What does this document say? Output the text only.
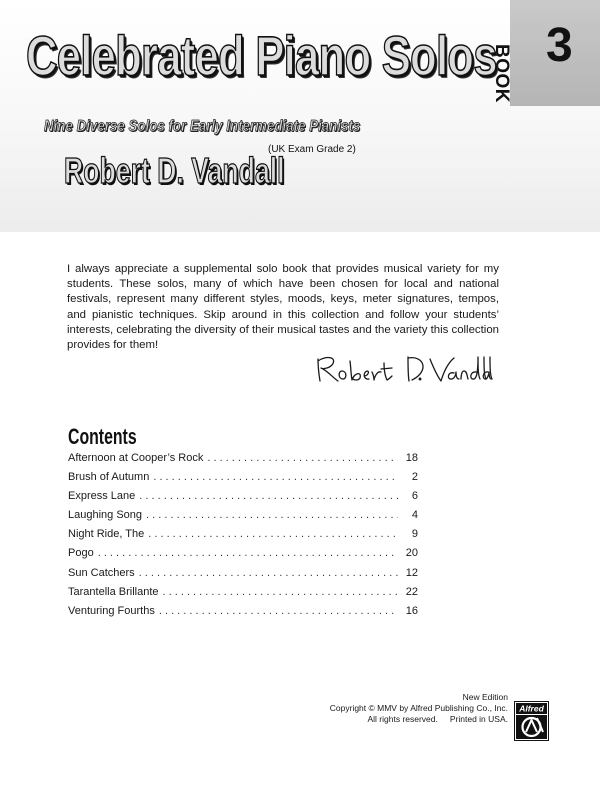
BOOK 3
Celebrated Piano Solos
Nine Diverse Solos for Early Intermediate Pianists
(UK Exam Grade 2)
Robert D. Vandall

I always appreciate a supplemental solo book that provides musical variety for my students. These solos, many of which have been chosen for local and national festivals, represent many different styles, moods, keys, meter signatures, tempos, and pianistic techniques. Skip around in this collection and follow your students’ interests, celebrating the diversity of their musical tastes and the variety this collection provides for them!

Contents
Afternoon at Cooper’s Rock . . .	18
Brush of Autumn . . .	2
Express Lane . . .	6
Laughing Song . . .	4
Night Ride, The . . .	9
Pogo . . .	20
Sun Catchers . . .	12
Tarantella Brillante . . .	22
Venturing Fourths . . .	16
New Edition
Copyright © MMV by Alfred Publishing Co., Inc.
All rights reserved. Printed in USA.
Alfred
